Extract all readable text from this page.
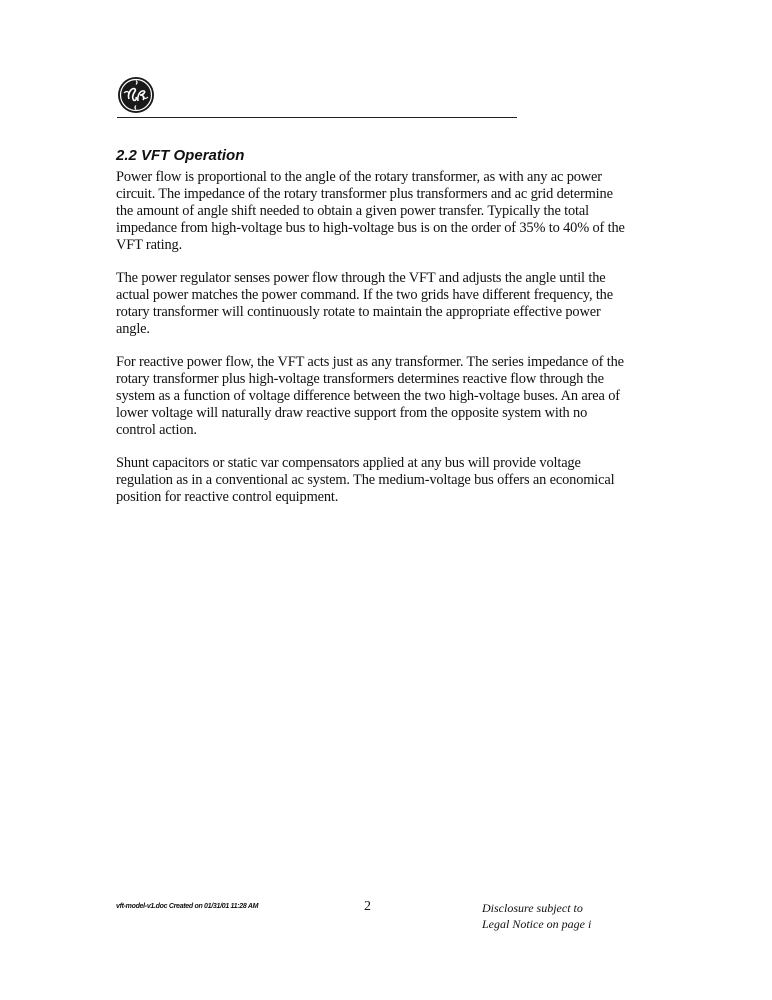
2.2 VFT Operation

Power flow is proportional to the angle of the rotary transformer, as with any ac power circuit. The impedance of the rotary transformer plus transformers and ac grid determine the amount of angle shift needed to obtain a given power transfer. Typically the total impedance from high-voltage bus to high-voltage bus is on the order of 35% to 40% of the VFT rating.

The power regulator senses power flow through the VFT and adjusts the angle until the actual power matches the power command. If the two grids have different frequency, the rotary transformer will continuously rotate to maintain the appropriate effective power angle.

For reactive power flow, the VFT acts just as any transformer. The series impedance of the rotary transformer plus high-voltage transformers determines reactive flow through the system as a function of voltage difference between the two high-voltage buses. An area of lower voltage will naturally draw reactive support from the opposite system with no control action.

Shunt capacitors or static var compensators applied at any bus will provide voltage regulation as in a conventional ac system. The medium-voltage bus offers an economical position for reactive control equipment.

vft-model-v1.doc Created on 01/31/01 11:28 AM	2	Disclosure subject to
Legal Notice on page i
